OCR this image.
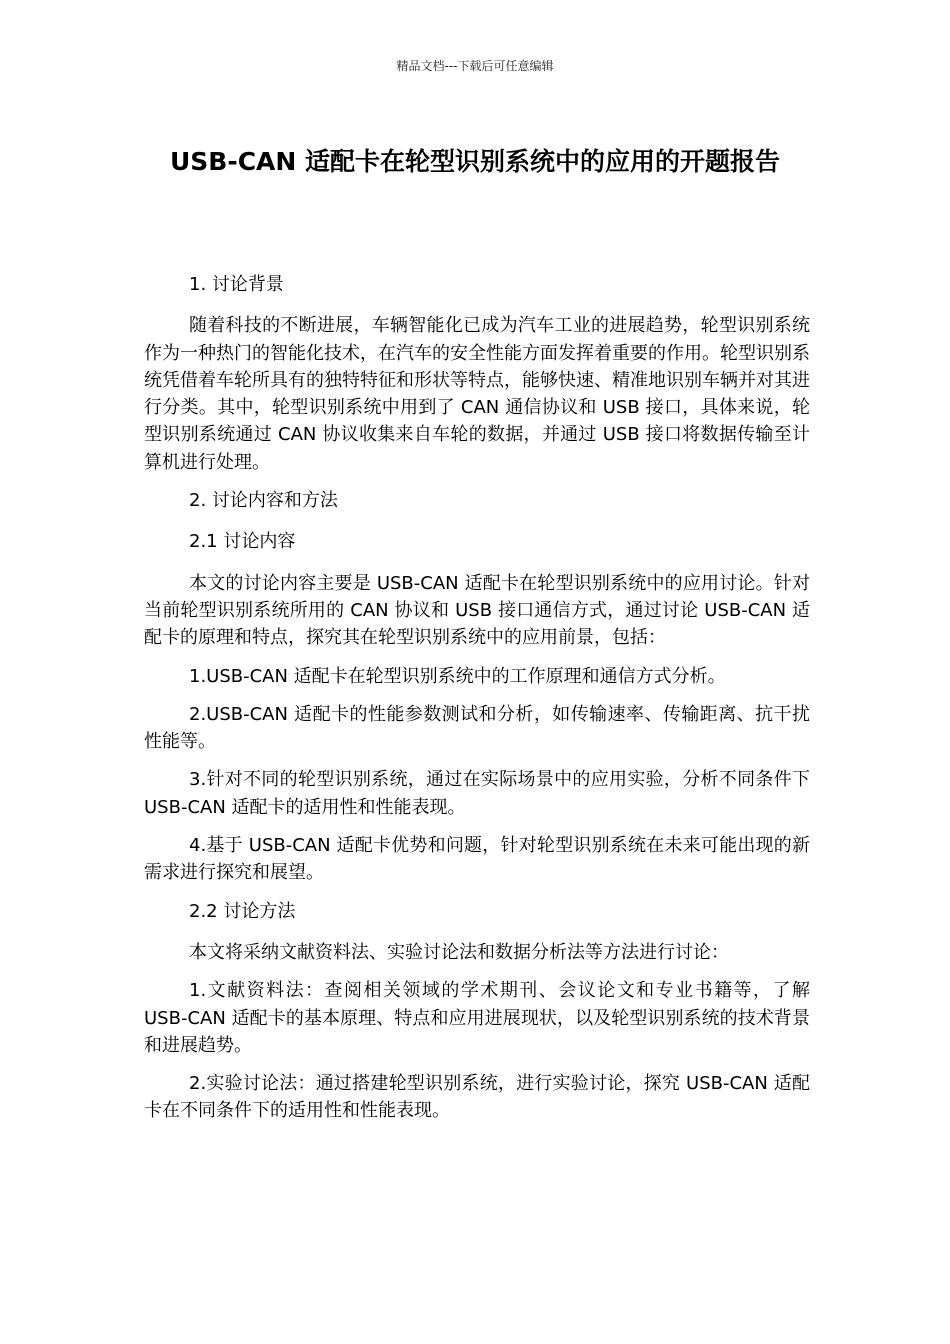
精品文档---下载后可任意编辑
USB-CAN 适配卡在轮型识别系统中的应用的开题报告

1. 讨论背景

随着科技的不断进展，车辆智能化已成为汽车工业的进展趋势，轮型识别系统作为一种热门的智能化技术，在汽车的安全性能方面发挥着重要的作用。轮型识别系统凭借着车轮所具有的独特特征和形状等特点，能够快速、精准地识别车辆并对其进行分类。其中，轮型识别系统中用到了 CAN 通信协议和 USB 接口，具体来说，轮型识别系统通过 CAN 协议收集来自车轮的数据，并通过 USB 接口将数据传输至计算机进行处理。

2. 讨论内容和方法

2.1 讨论内容

本文的讨论内容主要是 USB-CAN 适配卡在轮型识别系统中的应用讨论。针对当前轮型识别系统所用的 CAN 协议和 USB 接口通信方式，通过讨论 USB-CAN 适配卡的原理和特点，探究其在轮型识别系统中的应用前景，包括：

1.USB-CAN 适配卡在轮型识别系统中的工作原理和通信方式分析。

2.USB-CAN 适配卡的性能参数测试和分析，如传输速率、传输距离、抗干扰性能等。

3.针对不同的轮型识别系统，通过在实际场景中的应用实验，分析不同条件下 USB-CAN 适配卡的适用性和性能表现。

4.基于 USB-CAN 适配卡优势和问题，针对轮型识别系统在未来可能出现的新需求进行探究和展望。

2.2 讨论方法

本文将采纳文献资料法、实验讨论法和数据分析法等方法进行讨论：

1.文献资料法：查阅相关领域的学术期刊、会议论文和专业书籍等，了解 USB-CAN 适配卡的基本原理、特点和应用进展现状，以及轮型识别系统的技术背景和进展趋势。

2.实验讨论法：通过搭建轮型识别系统，进行实验讨论，探究 USB-CAN 适配卡在不同条件下的适用性和性能表现。
